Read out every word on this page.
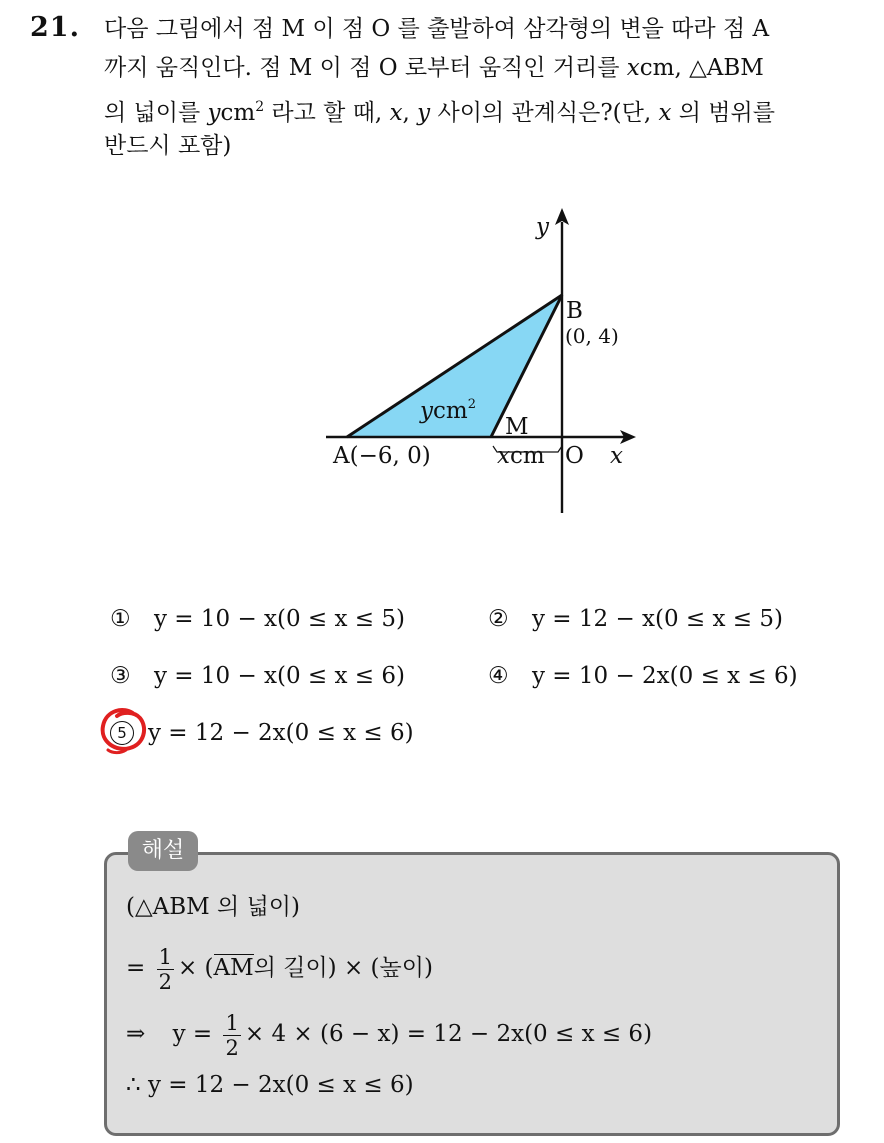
21. 다음 그림에서 점 M 이 점 O 를 출발하여 삼각형의 변을 따라 점 A
까지 움직인다. 점 M 이 점 O 로부터 움직인 거리를 xcm, △ABM
의 넓이를 ycm$^2$ 라고 할 때, x, y 사이의 관계식은?(단, x 의 범위를
반드시 포함)
y
x
B
(0, 4)
ycm$^2$
M
A(−6, 0)	xcm O
① y = 10 − x(0 ≤ x ≤ 5)	② y = 12 − x(0 ≤ x ≤ 5)
③ y = 10 − x(0 ≤ x ≤ 6)	④ y = 10 − 2x(0 ≤ x ≤ 6)
5 y = 12 − 2x(0 ≤ x ≤ 6)
해설
(△ABM 의 넓이)
= $\frac{1}{2} \times (AM$의 길이) × (높이)
⇒ $y = \frac{1}{2} \times 4 \times (6 - x) = 12 - 2x(0 \le x \le 6)$
∴ y = 12 − 2x(0 ≤ x ≤ 6)
